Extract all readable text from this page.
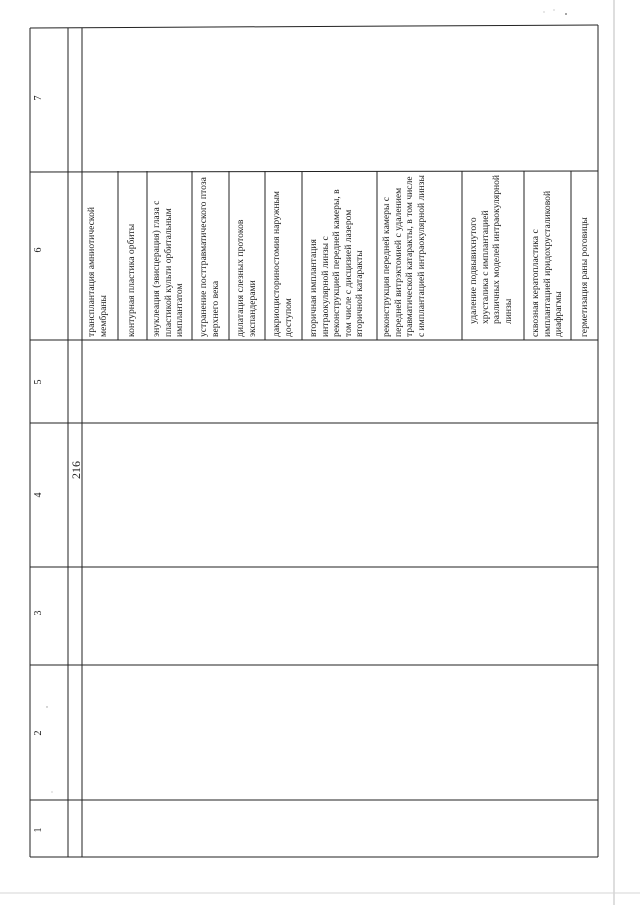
216
1
2
3
4
5
6
7
трансплантация амниотической мембраны контурная пластика орбиты энуклеация (эвисцерация) глаза с пластикой культи орбитальным имплантатом устранение посттравматического птоза верхнего века дилатация слезных протоков экспандерами дакриоцисториностомия наружным доступом вторичная имплантация интраокулярной линзы с реконструкцией передней камеры, в том числе с дисцизией лазером вторичной катаракты реконструкция передней камеры с передней витрэктомией с удалением травматической катаракты, в том числе с имплантацией интраокулярной линзы	удаление подвывихнутого хрусталика с имплантацией различных моделей интраокулярной линзы сквозная кератопластика с имплантацией иридохрусталиковой диафрагмы герметизация раны роговицы
